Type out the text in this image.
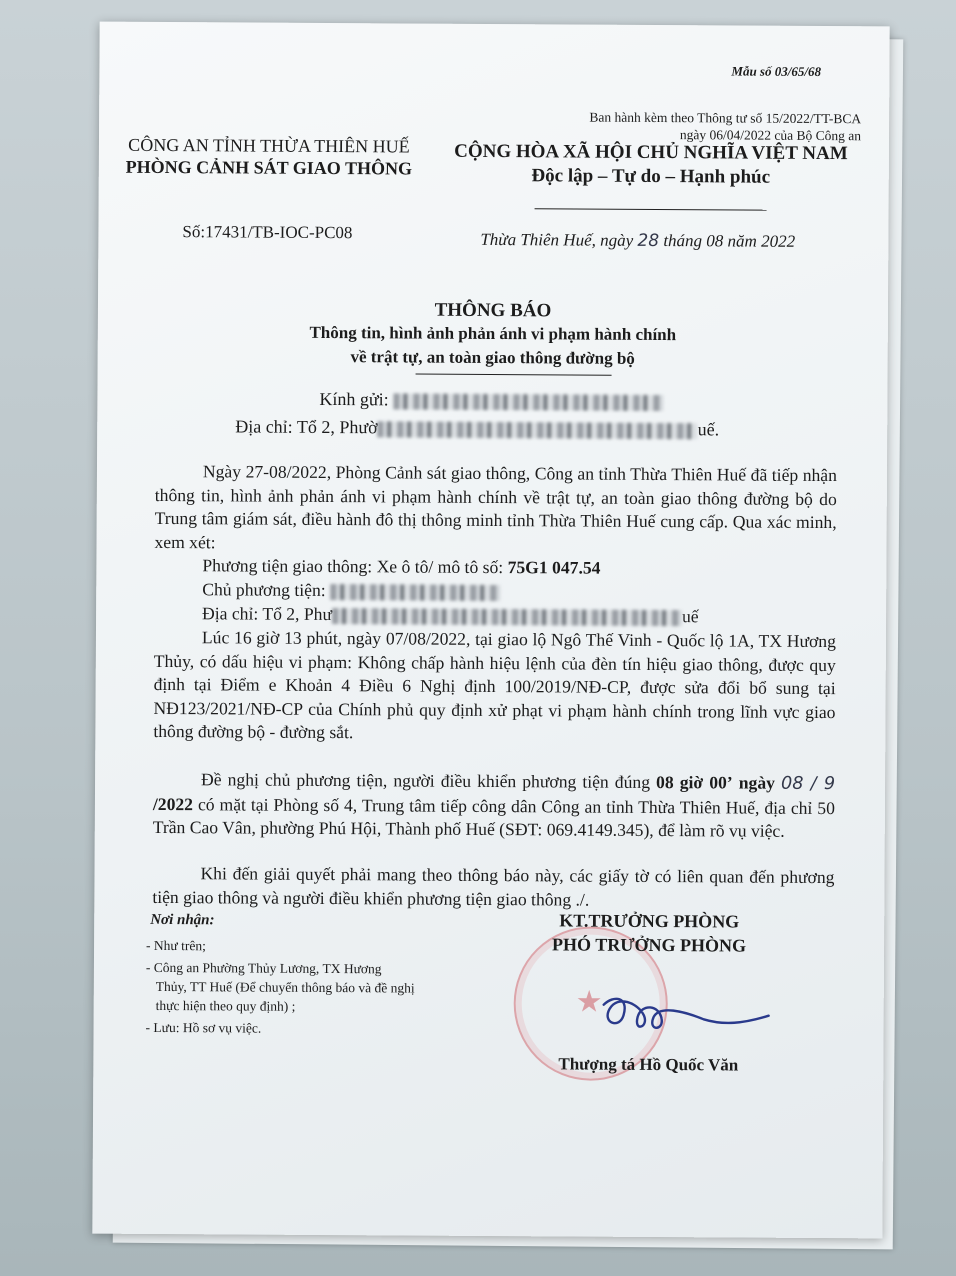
Mẫu số 03/65/68
Ban hành kèm theo Thông tư số 15/2022/TT-BCA
ngày 06/04/2022 của Bộ Công an
CÔNG AN TỈNH THỪA THIÊN HUẾ
PHÒNG CẢNH SÁT GIAO THÔNG
CỘNG HÒA XÃ HỘI CHỦ NGHĨA VIỆT NAM
Độc lập – Tự do – Hạnh phúc
Số:17431/TB-IOC-PC08	Thừa Thiên Huế, ngày 28 tháng 08 năm 2022
THÔNG BÁO
Thông tin, hình ảnh phản ánh vi phạm hành chính
về trật tự, an toàn giao thông đường bộ
Kính gửi:
Địa chỉ: Tổ 2, Phườ	uế.
Ngày 27-08/2022, Phòng Cảnh sát giao thông, Công an tỉnh Thừa Thiên Huế đã tiếp nhận thông tin, hình ảnh phản ánh vi phạm hành chính về trật tự, an toàn giao thông đường bộ do Trung tâm giám sát, điều hành đô thị thông minh tỉnh Thừa Thiên Huế cung cấp. Qua xác minh, xem xét:
Phương tiện giao thông: Xe ô tô/ mô tô số: 75G1 047.54
Chủ phương tiện:
Địa chỉ: Tổ 2, Phư	uế
Lúc 16 giờ 13 phút, ngày 07/08/2022, tại giao lộ Ngô Thế Vinh - Quốc lộ 1A, TX Hương Thủy, có dấu hiệu vi phạm: Không chấp hành hiệu lệnh của đèn tín hiệu giao thông, được quy định tại Điểm e Khoản 4 Điều 6 Nghị định 100/2019/NĐ-CP, được sửa đổi bổ sung tại NĐ123/2021/NĐ-CP của Chính phủ quy định xử phạt vi phạm hành chính trong lĩnh vực giao thông đường bộ - đường sắt.
Đề nghị chủ phương tiện, người điều khiển phương tiện đúng 08 giờ 00’ ngày 08 / 9 /2022 có mặt tại Phòng số 4, Trung tâm tiếp công dân Công an tỉnh Thừa Thiên Huế, địa chỉ 50 Trần Cao Vân, phường Phú Hội, Thành phố Huế (SĐT: 069.4149.345), để làm rõ vụ việc.
Khi đến giải quyết phải mang theo thông báo này, các giấy tờ có liên quan đến phương tiện giao thông và người điều khiển phương tiện giao thông ./.
Nơi nhận:
- Như trên;
- Công an Phường Thủy Lương, TX Hương
Thủy, TT Huế (Để chuyển thông báo và đề nghị
thực hiện theo quy định) ;
- Lưu: Hồ sơ vụ việc.
★
KT.TRƯỞNG PHÒNG
PHÓ TRƯỞNG PHÒNG
Thượng tá Hồ Quốc Văn
